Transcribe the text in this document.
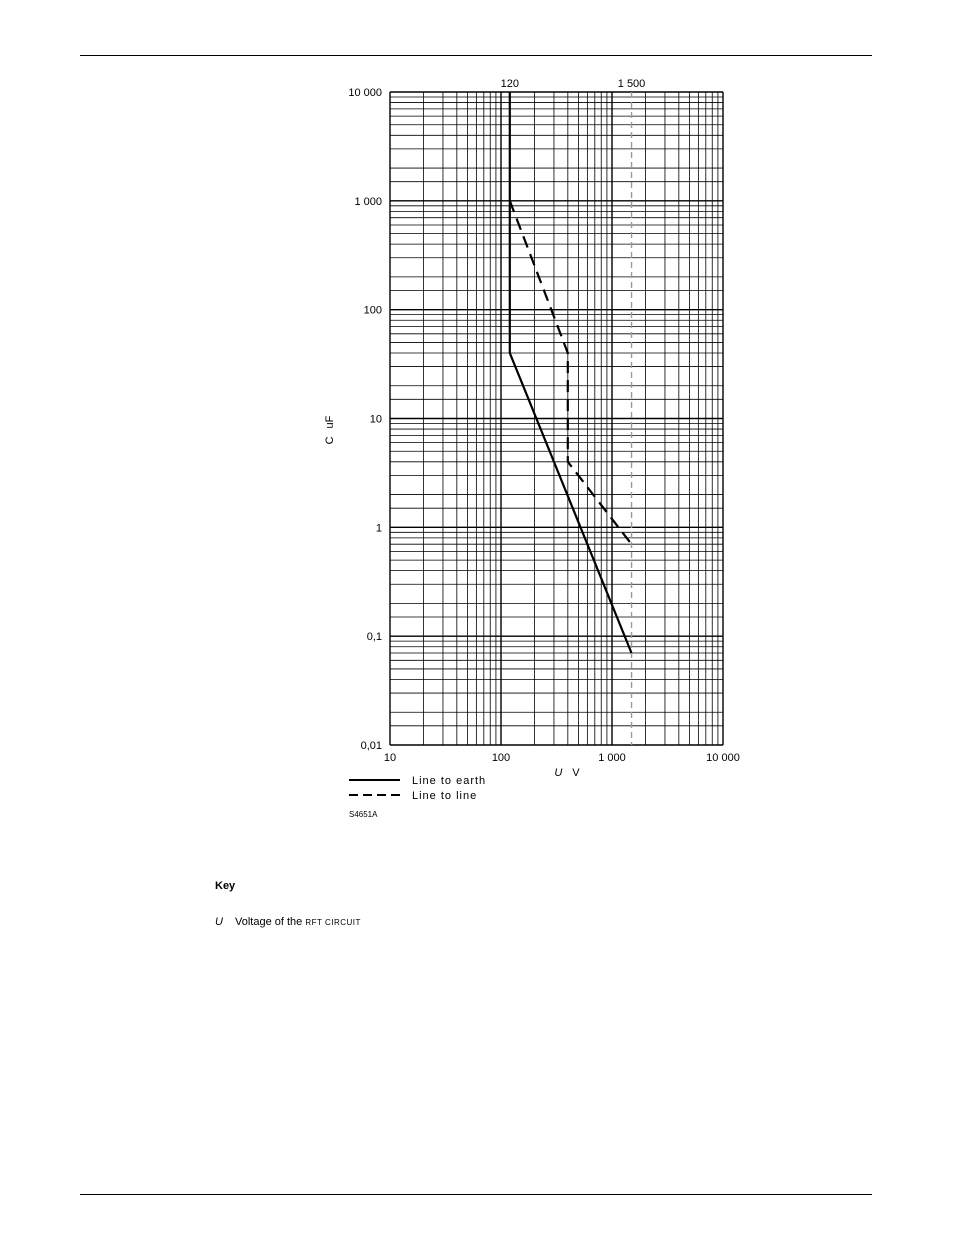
120	1 500
10	100	1 000	10 000
0,01
0,1
1
10
100
1 000
10 000
CuF
U V
Line to earth
Line to line
S4651A
Key
U Voltage of the RFT CIRCUIT
